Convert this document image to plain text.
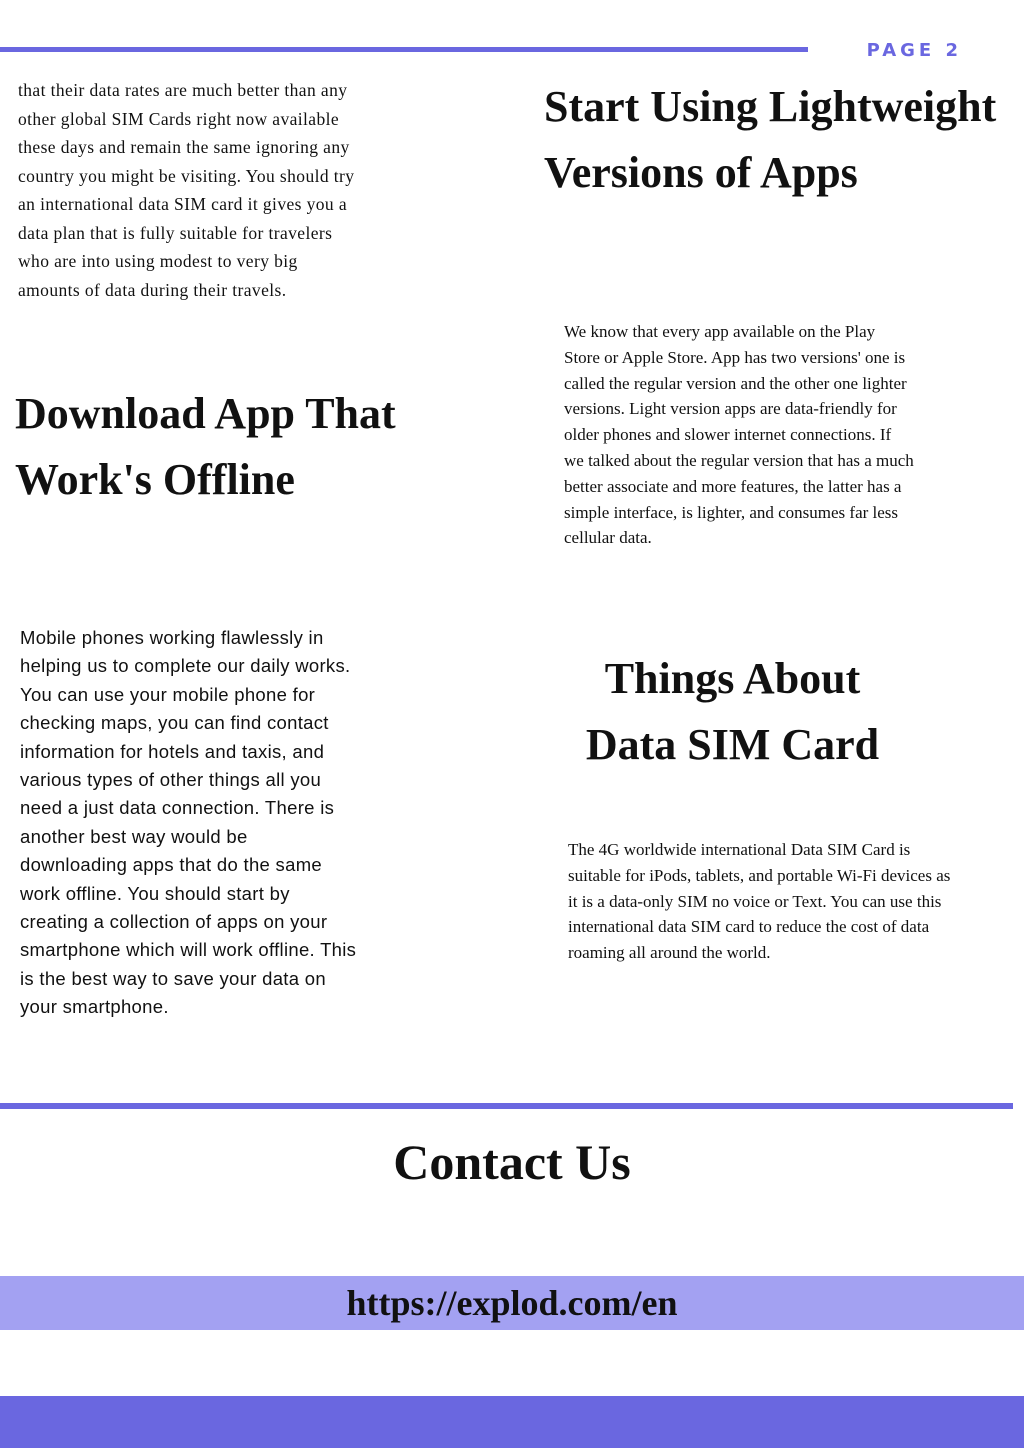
PAGE 2

that their data rates are much better than any other global SIM Cards right now available these days and remain the same ignoring any country you might be visiting. You should try an international data SIM card it gives you a data plan that is fully suitable for travelers who are into using modest to very big amounts of data during their travels.

Download App That Work's Offline

Mobile phones working flawlessly in helping us to complete our daily works. You can use your mobile phone for checking maps, you can find contact information for hotels and taxis, and various types of other things all you need a just data connection. There is another best way would be downloading apps that do the same work offline. You should start by creating a collection of apps on your smartphone which will work offline. This is the best way to save your data on your smartphone.

Start Using Lightweight Versions of Apps

We know that every app available on the Play Store or Apple Store. App has two versions' one is called the regular version and the other one lighter versions. Light version apps are data-friendly for older phones and slower internet connections. If we talked about the regular version that has a much better associate and more features, the latter has a simple interface, is lighter, and consumes far less cellular data.

Things About Data SIM Card

The 4G worldwide international Data SIM Card is suitable for iPods, tablets, and portable Wi-Fi devices as it is a data-only SIM no voice or Text. You can use this international data SIM card to reduce the cost of data roaming all around the world.

Contact Us
https://explod.com/en
